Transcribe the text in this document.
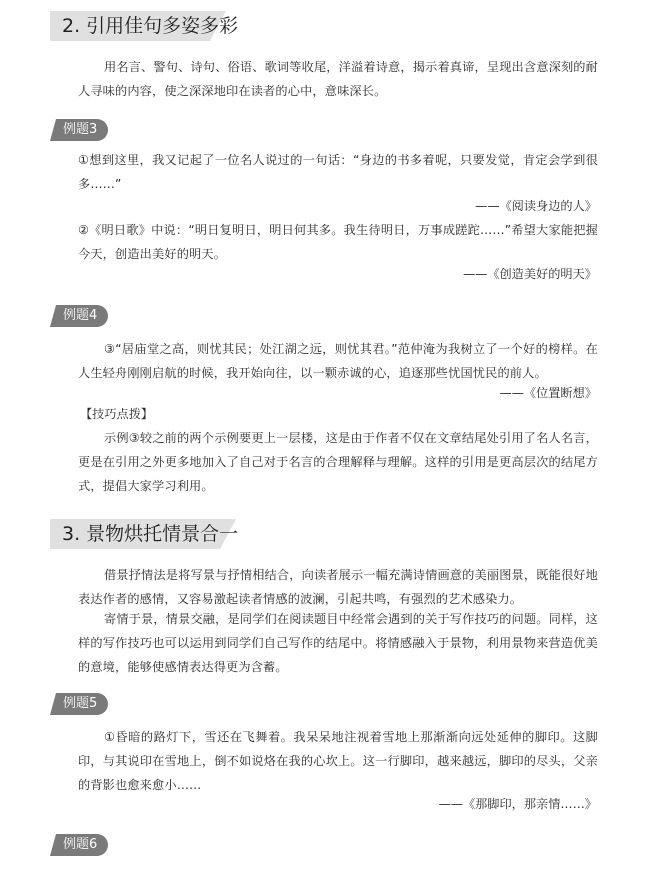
2. 引用佳句多姿多彩

用名言、警句、诗句、俗语、歌词等收尾，洋溢着诗意，揭示着真谛，呈现出含意深刻的耐人寻味的内容，使之深深地印在读者的心中，意味深长。

例题3

①想到这里，我又记起了一位名人说过的一句话：“身边的书多着呢，只要发觉，肯定会学到很多……”

——《阅读身边的人》

②《明日歌》中说：“明日复明日，明日何其多。我生待明日，万事成蹉跎……”希望大家能把握今天，创造出美好的明天。

——《创造美好的明天》
例题4

③“居庙堂之高，则忧其民；处江湖之远，则忧其君。”范仲淹为我树立了一个好的榜样。在人生轻舟刚刚启航的时候，我开始向往，以一颗赤诚的心，追逐那些忧国忧民的前人。

——《位置断想》
【技巧点拨】

示例③较之前的两个示例要更上一层楼，这是由于作者不仅在文章结尾处引用了名人名言，更是在引用之外更多地加入了自己对于名言的合理解释与理解。这样的引用是更高层次的结尾方式，提倡大家学习利用。

3. 景物烘托情景合一

借景抒情法是将写景与抒情相结合，向读者展示一幅充满诗情画意的美丽图景，既能很好地表达作者的感情，又容易激起读者情感的波澜，引起共鸣，有强烈的艺术感染力。

寄情于景，情景交融，是同学们在阅读题目中经常会遇到的关于写作技巧的问题。同样，这样的写作技巧也可以运用到同学们自己写作的结尾中。将情感融入于景物，利用景物来营造优美的意境，能够使感情表达得更为含蓄。

例题5

①昏暗的路灯下，雪还在飞舞着。我呆呆地注视着雪地上那渐渐向远处延伸的脚印。这脚印，与其说印在雪地上，倒不如说烙在我的心坎上。这一行脚印，越来越远，脚印的尽头，父亲的背影也愈来愈小……

——《那脚印，那亲情……》
例题6
